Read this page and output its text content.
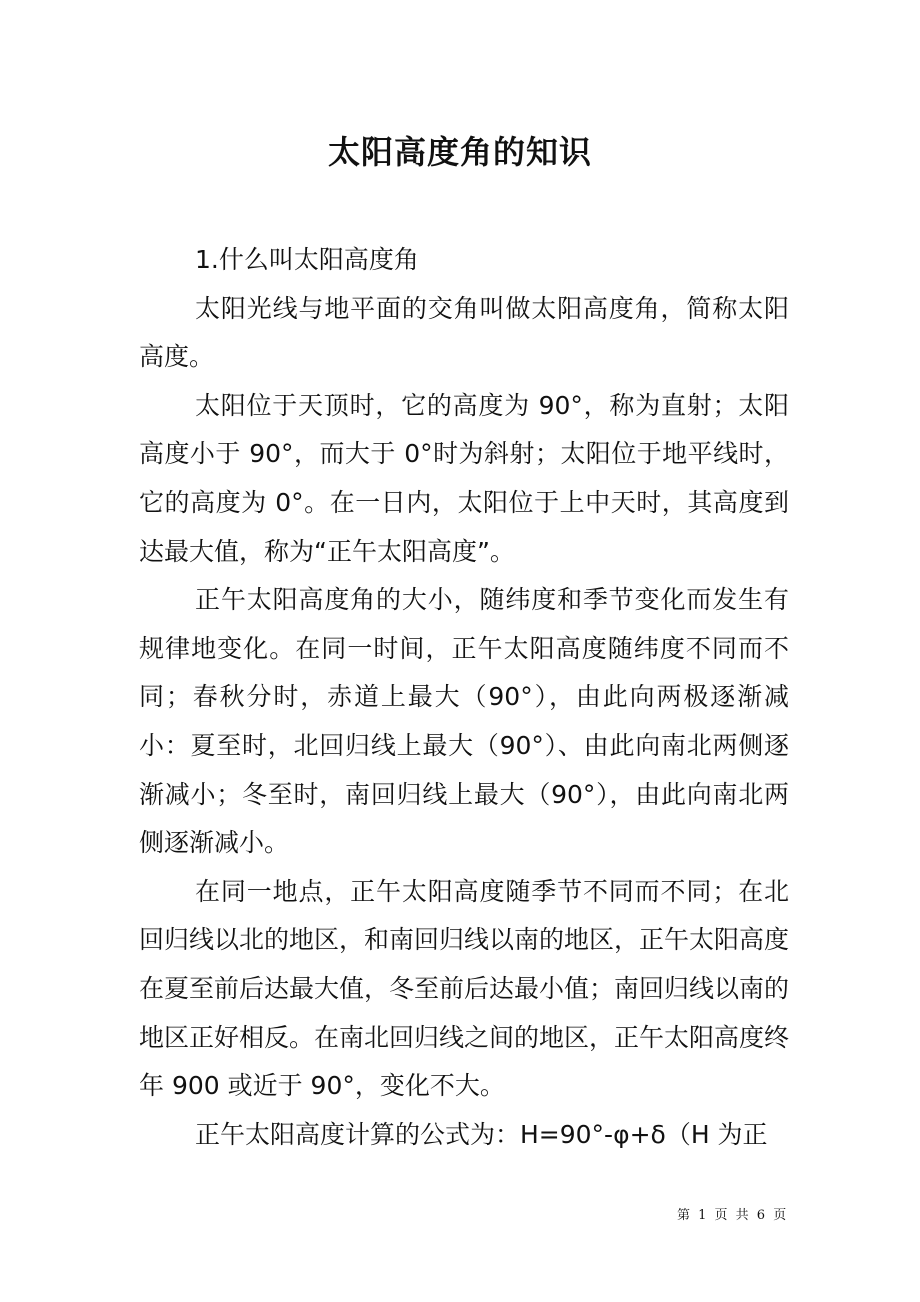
太阳高度角的知识

1.什么叫太阳高度角

太阳光线与地平面的交角叫做太阳高度角，简称太阳高度。

太阳位于天顶时，它的高度为 90°，称为直射；太阳高度小于 90°，而大于 0°时为斜射；太阳位于地平线时，它的高度为 0°。在一日内，太阳位于上中天时，其高度到达最大值，称为“正午太阳高度”。

正午太阳高度角的大小，随纬度和季节变化而发生有规律地变化。在同一时间，正午太阳高度随纬度不同而不同；春秋分时，赤道上最大（90°），由此向两极逐渐减小：夏至时，北回归线上最大（90°）、由此向南北两侧逐渐减小；冬至时，南回归线上最大（90°），由此向南北两侧逐渐减小。

在同一地点，正午太阳高度随季节不同而不同；在北回归线以北的地区，和南回归线以南的地区，正午太阳高度在夏至前后达最大值，冬至前后达最小值；南回归线以南的地区正好相反。在南北回归线之间的地区，正午太阳高度终年 900 或近于 90°，变化不大。

正午太阳高度计算的公式为：H=90°-φ+δ（H 为正

第 1 页 共 6 页
